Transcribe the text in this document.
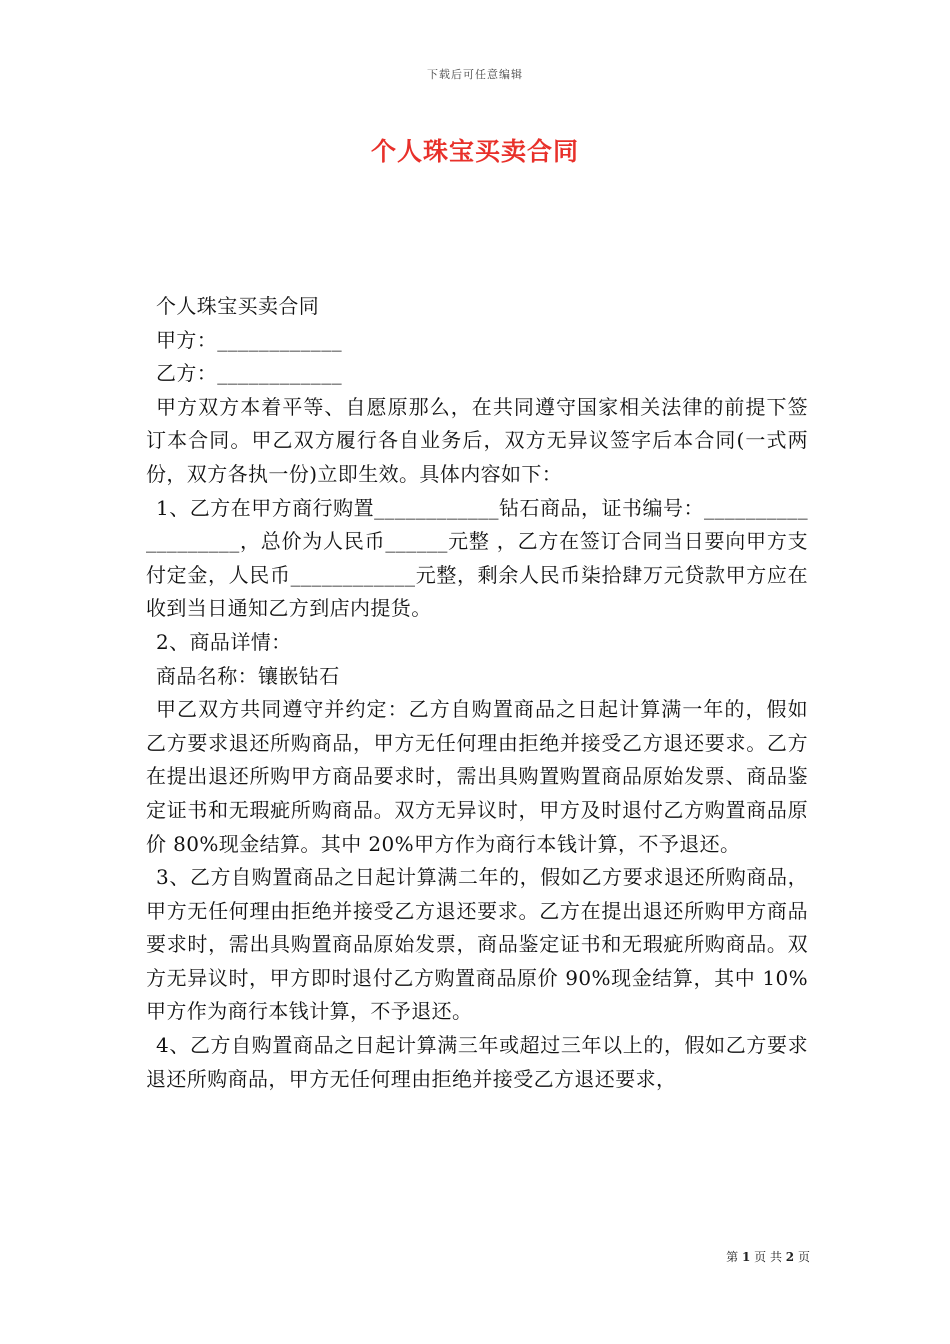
下载后可任意编辑
个人珠宝买卖合同

个人珠宝买卖合同

甲方：____________

乙方：____________

甲方双方本着平等、自愿原那么，在共同遵守国家相关法律的前提下签订本合同。甲乙双方履行各自业务后，双方无异议签字后本合同(一式两份，双方各执一份)立即生效。具体内容如下：

1、乙方在甲方商行购置____________钻石商品，证书编号：___________________，总价为人民币______元整 ，乙方在签订合同当日要向甲方支付定金，人民币____________元整，剩余人民币柒拾肆万元贷款甲方应在收到当日通知乙方到店内提货。

2、商品详情：

商品名称：镶嵌钻石

甲乙双方共同遵守并约定：乙方自购置商品之日起计算满一年的，假如乙方要求退还所购商品，甲方无任何理由拒绝并接受乙方退还要求。乙方在提出退还所购甲方商品要求时，需出具购置购置商品原始发票、商品鉴定证书和无瑕疵所购商品。双方无异议时，甲方及时退付乙方购置商品原价 80%现金结算。其中 20%甲方作为商行本钱计算，不予退还。

3、乙方自购置商品之日起计算满二年的，假如乙方要求退还所购商品，甲方无任何理由拒绝并接受乙方退还要求。乙方在提出退还所购甲方商品要求时，需出具购置商品原始发票，商品鉴定证书和无瑕疵所购商品。双方无异议时，甲方即时退付乙方购置商品原价 90%现金结算，其中 10%甲方作为商行本钱计算，不予退还。

4、乙方自购置商品之日起计算满三年或超过三年以上的，假如乙方要求退还所购商品，甲方无任何理由拒绝并接受乙方退还要求，

第 1 页 共 2 页
